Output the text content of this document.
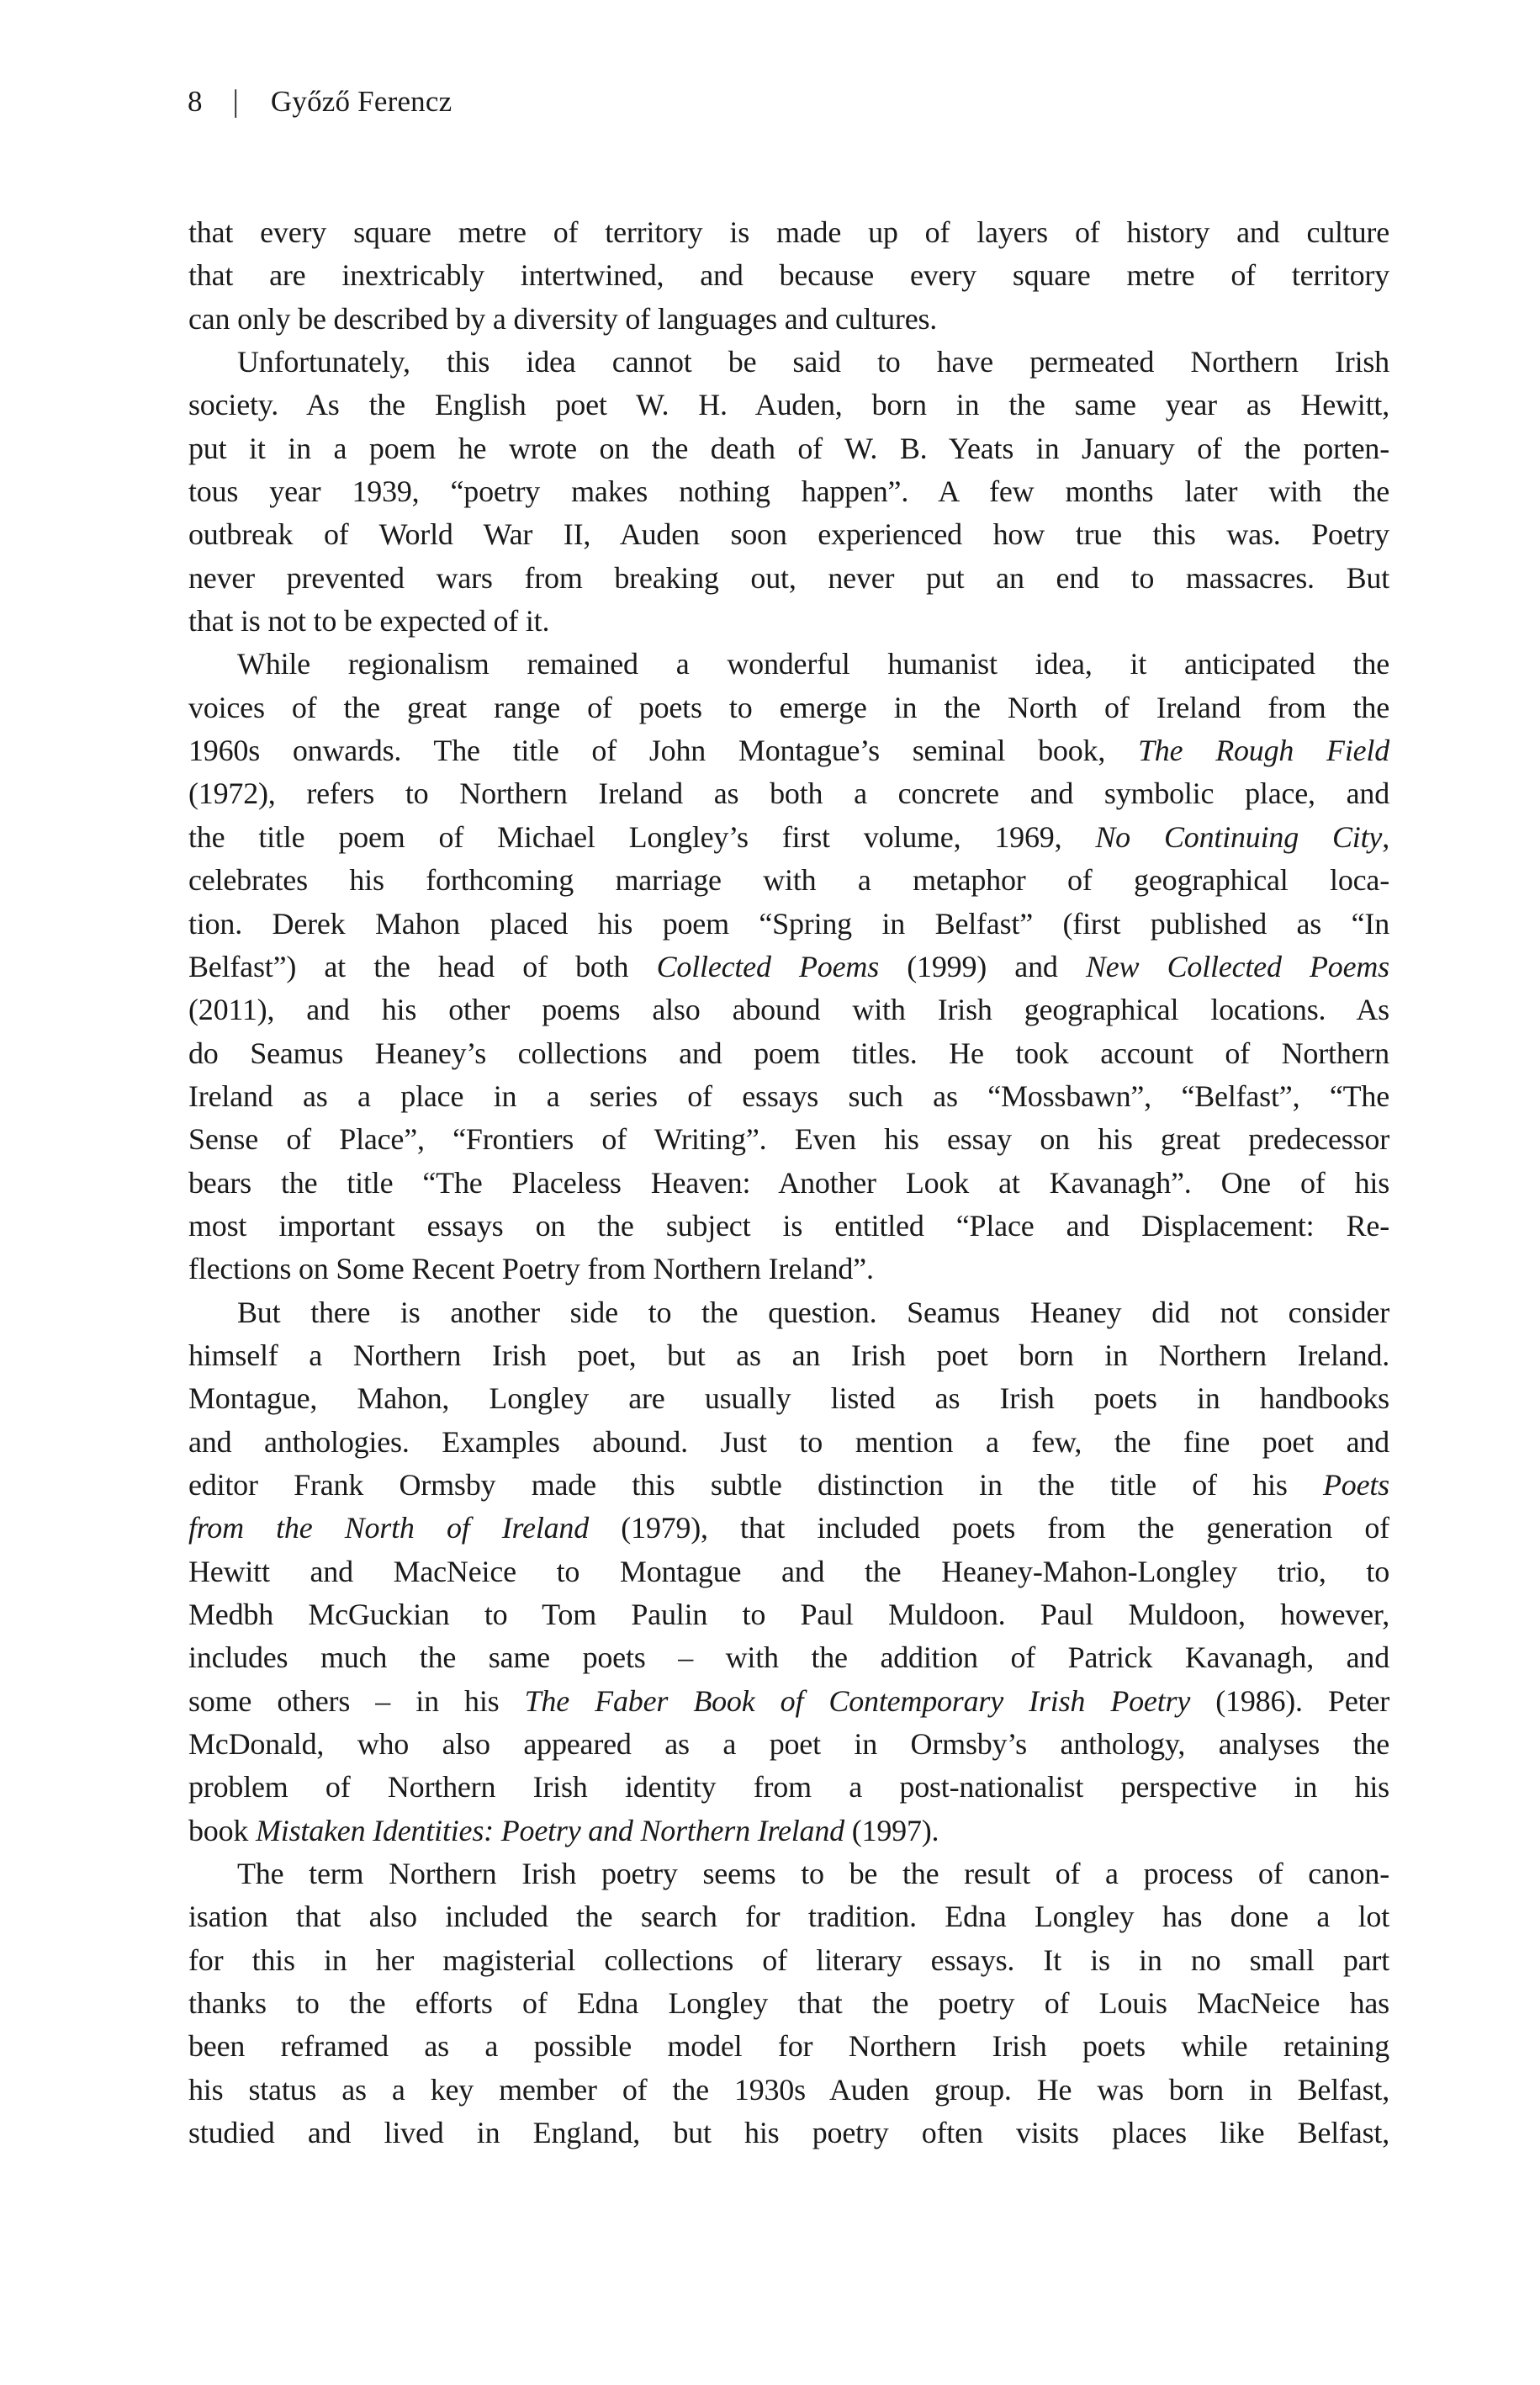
8 | Győző Ferencz
that every square metre of territory is made up of layers of history and culture
that are inextricably intertwined, and because every square metre of territory
can only be described by a diversity of languages and cultures.
Unfortunately, this idea cannot be said to have permeated Northern Irish
society. As the English poet W. H. Auden, born in the same year as Hewitt,
put it in a poem he wrote on the death of W. B. Yeats in January of the porten-
tous year 1939, “poetry makes nothing happen”. A few months later with the
outbreak of World War II, Auden soon experienced how true this was. Poetry
never prevented wars from breaking out, never put an end to massacres. But
that is not to be expected of it.
While regionalism remained a wonderful humanist idea, it anticipated the
voices of the great range of poets to emerge in the North of Ireland from the
1960s onwards. The title of John Montague’s seminal book, The Rough Field
(1972), refers to Northern Ireland as both a concrete and symbolic place, and
the title poem of Michael Longley’s first volume, 1969, No Continuing City,
celebrates his forthcoming marriage with a metaphor of geographical loca-
tion. Derek Mahon placed his poem “Spring in Belfast” (first published as “In
Belfast”) at the head of both Collected Poems (1999) and New Collected Poems
(2011), and his other poems also abound with Irish geographical locations. As
do Seamus Heaney’s collections and poem titles. He took account of Northern
Ireland as a place in a series of essays such as “Mossbawn”, “Belfast”, “The
Sense of Place”, “Frontiers of Writing”. Even his essay on his great predecessor
bears the title “The Placeless Heaven: Another Look at Kavanagh”. One of his
most important essays on the subject is entitled “Place and Displacement: Re-
flections on Some Recent Poetry from Northern Ireland”.
But there is another side to the question. Seamus Heaney did not consider
himself a Northern Irish poet, but as an Irish poet born in Northern Ireland.
Montague, Mahon, Longley are usually listed as Irish poets in handbooks
and anthologies. Examples abound. Just to mention a few, the fine poet and
editor Frank Ormsby made this subtle distinction in the title of his Poets
from the North of Ireland (1979), that included poets from the generation of
Hewitt and MacNeice to Montague and the Heaney-Mahon-Longley trio, to
Medbh McGuckian to Tom Paulin to Paul Muldoon. Paul Muldoon, however,
includes much the same poets – with the addition of Patrick Kavanagh, and
some others – in his The Faber Book of Contemporary Irish Poetry (1986). Peter
McDonald, who also appeared as a poet in Ormsby’s anthology, analyses the
problem of Northern Irish identity from a post-nationalist perspective in his
book Mistaken Identities: Poetry and Northern Ireland (1997).
The term Northern Irish poetry seems to be the result of a process of canon-
isation that also included the search for tradition. Edna Longley has done a lot
for this in her magisterial collections of literary essays. It is in no small part
thanks to the efforts of Edna Longley that the poetry of Louis MacNeice has
been reframed as a possible model for Northern Irish poets while retaining
his status as a key member of the 1930s Auden group. He was born in Belfast,
studied and lived in England, but his poetry often visits places like Belfast,
